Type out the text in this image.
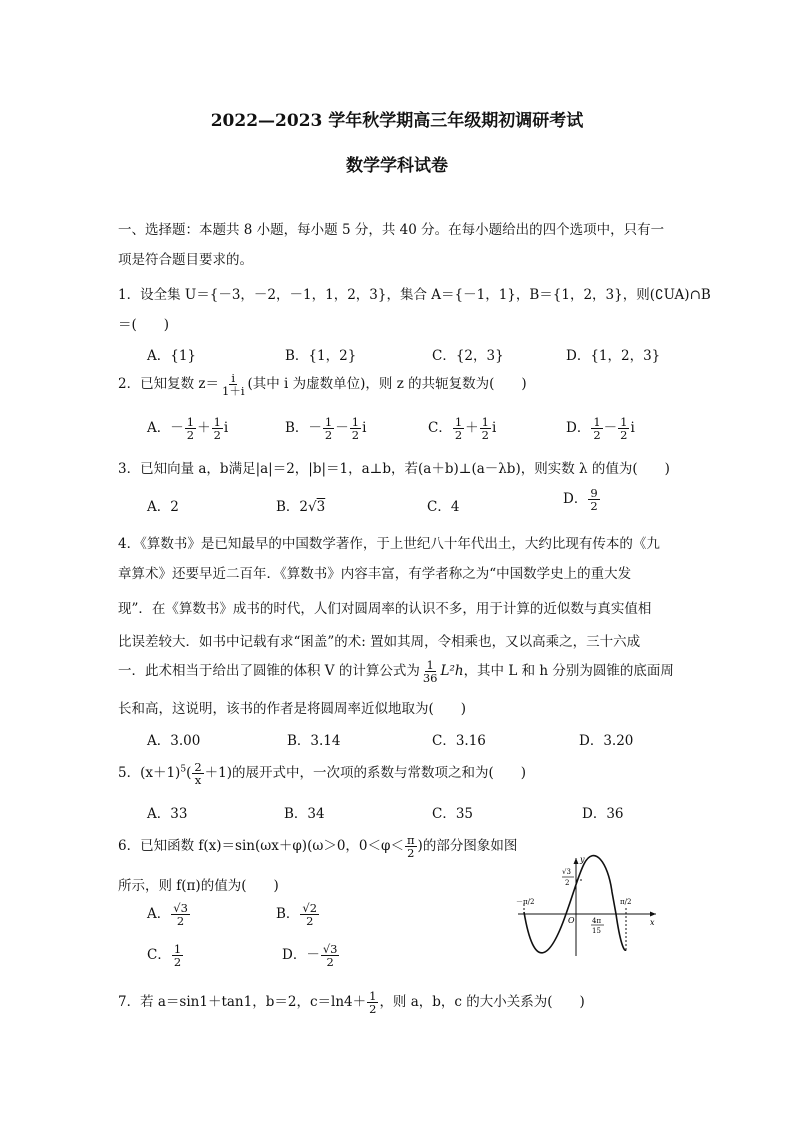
2022—2023 学年秋学期高三年级期初调研考试
数学学科试卷
一、选择题：本题共 8 小题，每小题 5 分，共 40 分。在每小题给出的四个选项中，只有一
项是符合题目要求的。
1．设全集 U＝{－3，－2，－1，1，2，3}，集合 A＝{－1，1}，B＝{1，2，3}，则(∁UA)∩B
＝(　　)
A．{1}	B．{1，2}	C．{2，3}	D．{1，2，3}
2．已知复数 $z= \frac{i}{1+i}$ (其中 i 为虚数单位)，则 z 的共轭复数为(　　)
A．－ $\frac{1}{2} + \frac{1}{2}$ i	B．－ $\frac{1}{2} - \frac{1}{2}$ i	C． $\frac{1}{2} + \frac{1}{2}$ i	D． $\frac{1}{2} - \frac{1}{2}$ i
3．已知向量 a，b满足|a|＝2，|b|＝1，a⊥b，若(a＋b)⊥(a－λb)，则实数 λ 的值为(　　)
A．2	B．2√3	C．4	D． $\frac{9}{2}$
4．《算数书》是已知最早的中国数学著作，于上世纪八十年代出土，大约比现有传本的《九
章算术》还要早近二百年．《算数书》内容丰富，有学者称之为“中国数学史上的重大发
现”．在《算数书》成书的时代，人们对圆周率的认识不多，用于计算的近似数与真实值相
比误差较大．如书中记载有求“囷盖”的术: 置如其周，令相乘也，又以高乘之，三十六成
一．此术相当于给出了圆锥的体积 V 的计算公式为 $\frac{1}{36} L^2h$，其中 L 和 h 分别为圆锥的底面周
长和高，这说明，该书的作者是将圆周率近似地取为(　　)
A．3.00	B．3.14	C．3.16	D．3.20
5．$(x+1)^5( \frac{2}{x} +1)$的展开式中，一次项的系数与常数项之和为(　　)
A．33	B．34	C．35	D．36
6．已知函数 f(x)＝sin(ωx＋φ)(ω＞0，$0<\varphi< \frac{\pi}{2}$ )的部分图象如图
所示，则 f(π)的值为(　　)
A． $\frac{√3}{2}$	B． $\frac{√2}{2}$
C． $\frac{1}{2}$	D．－ $\frac{√3}{2}$
y
x
O
√3
2
－π/2	π/2
4π
15
7．若 a＝sin1＋tan1，b＝2，$c=\ln 4+ \frac{1}{2}$ ，则 a，b，c 的大小关系为(　　)
